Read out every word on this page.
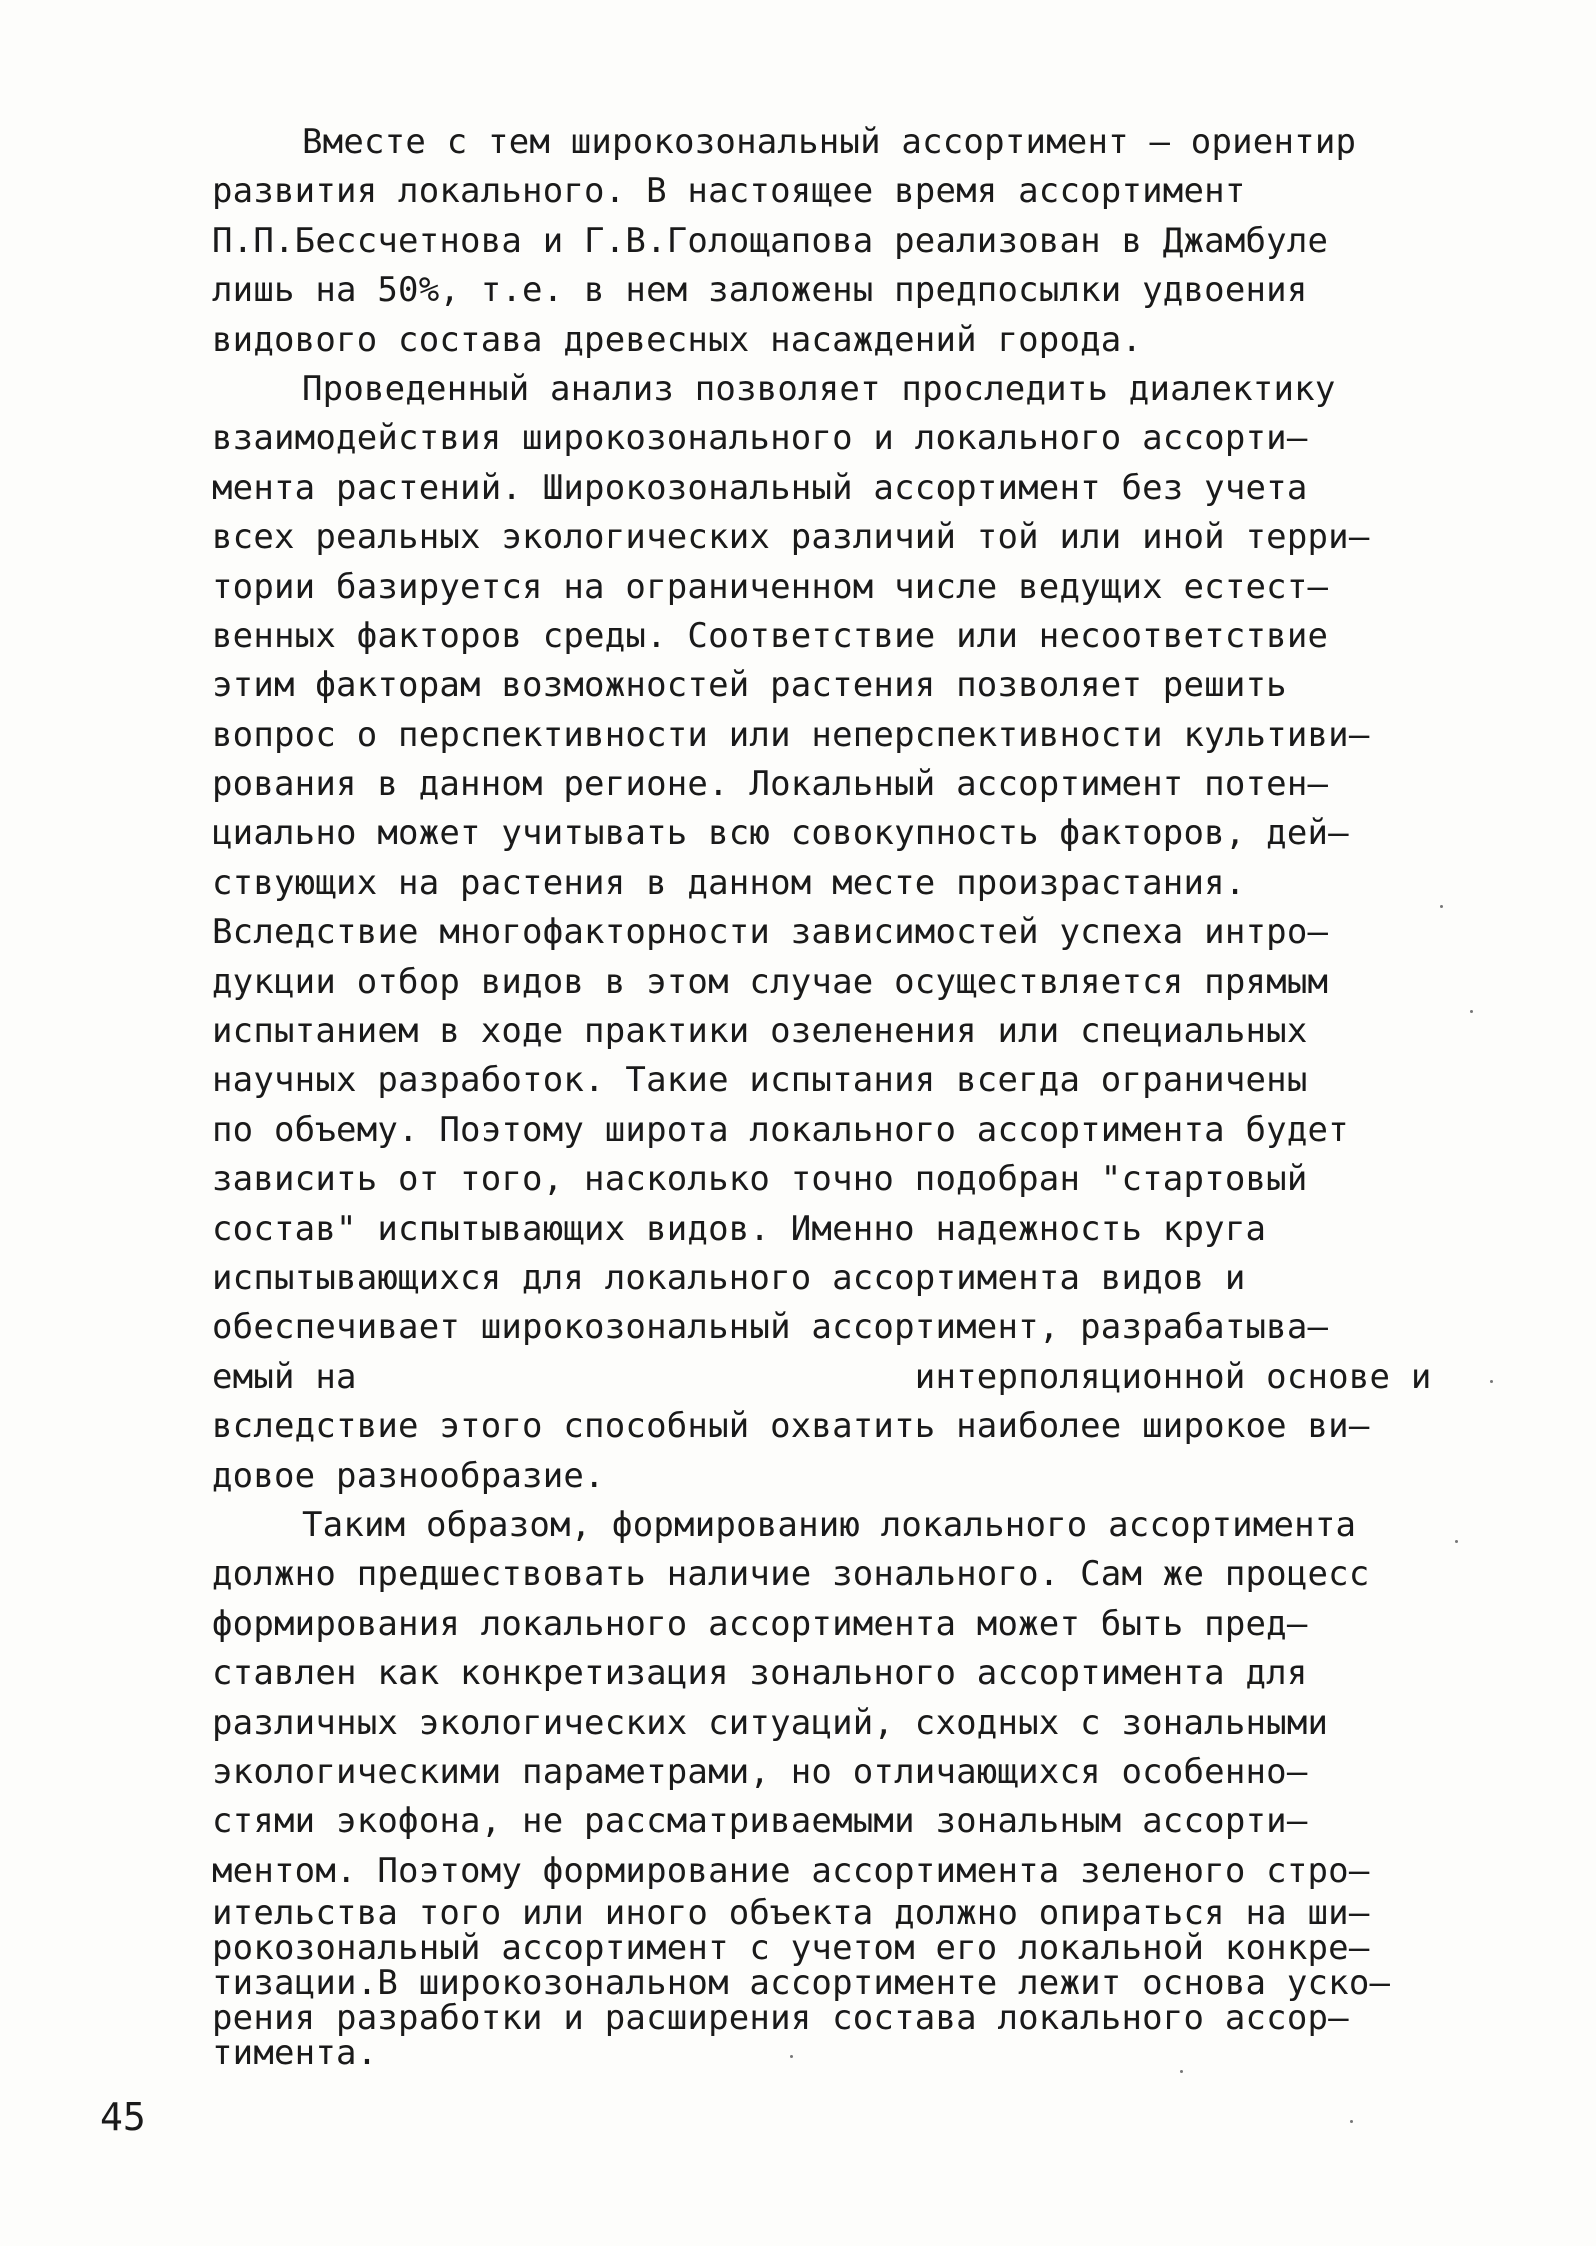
Вместе с тем широкозональный ассортимент – ориентир
развития локального. В настоящее время ассортимент
П.П.Бессчетнова и Г.В.Голощапова реализован в Джамбуле
лишь на 50%, т.е. в нем заложены предпосылки удвоения
видового состава древесных насаждений города.
Проведенный анализ позволяет проследить диалектику
взаимодействия широкозонального и локального ассорти–
мента растений. Широкозональный ассортимент без учета
всех реальных экологических различий той или иной терри–
тории базируется на ограниченном числе ведущих естест–
венных факторов среды. Соответствие или несоответствие
этим факторам возможностей растения позволяет решить
вопрос о перспективности или неперспективности культиви–
рования в данном регионе. Локальный ассортимент потен–
циально может учитывать всю совокупность факторов, дей–
ствующих на растения в данном месте произрастания.
Вследствие многофакторности зависимостей успеха интро–
дукции отбор видов в этом случае осуществляется прямым
испытанием в ходе практики озеленения или специальных
научных разработок. Такие испытания всегда ограничены
по объему. Поэтому широта локального ассортимента будет
зависить от того, насколько точно подобран "стартовый
состав" испытывающих видов. Именно надежность круга
испытывающихся для локального ассортимента видов и
обеспечивает широкозональный ассортимент, разрабатыва–
емый на                           интерполяционной основе и
вследствие этого способный охватить наиболее широкое ви–
довое разнообразие.
Таким образом, формированию локального ассортимента
должно предшествовать наличие зонального. Сам же процесс
формирования локального ассортимента может быть пред–
ставлен как конкретизация зонального ассортимента для
различных экологических ситуаций, сходных с зональными
экологическими параметрами, но отличающихся особенно–
стями экофона, не рассматриваемыми зональным ассорти–
ментом. Поэтому формирование ассортимента зеленого стро–
ительства того или иного объекта должно опираться на ши–
рокозональный ассортимент с учетом его локальной конкре–
тизации.В широкозональном ассортименте лежит основа уско–
рения разработки и расширения состава локального ассор–
тимента.
45
